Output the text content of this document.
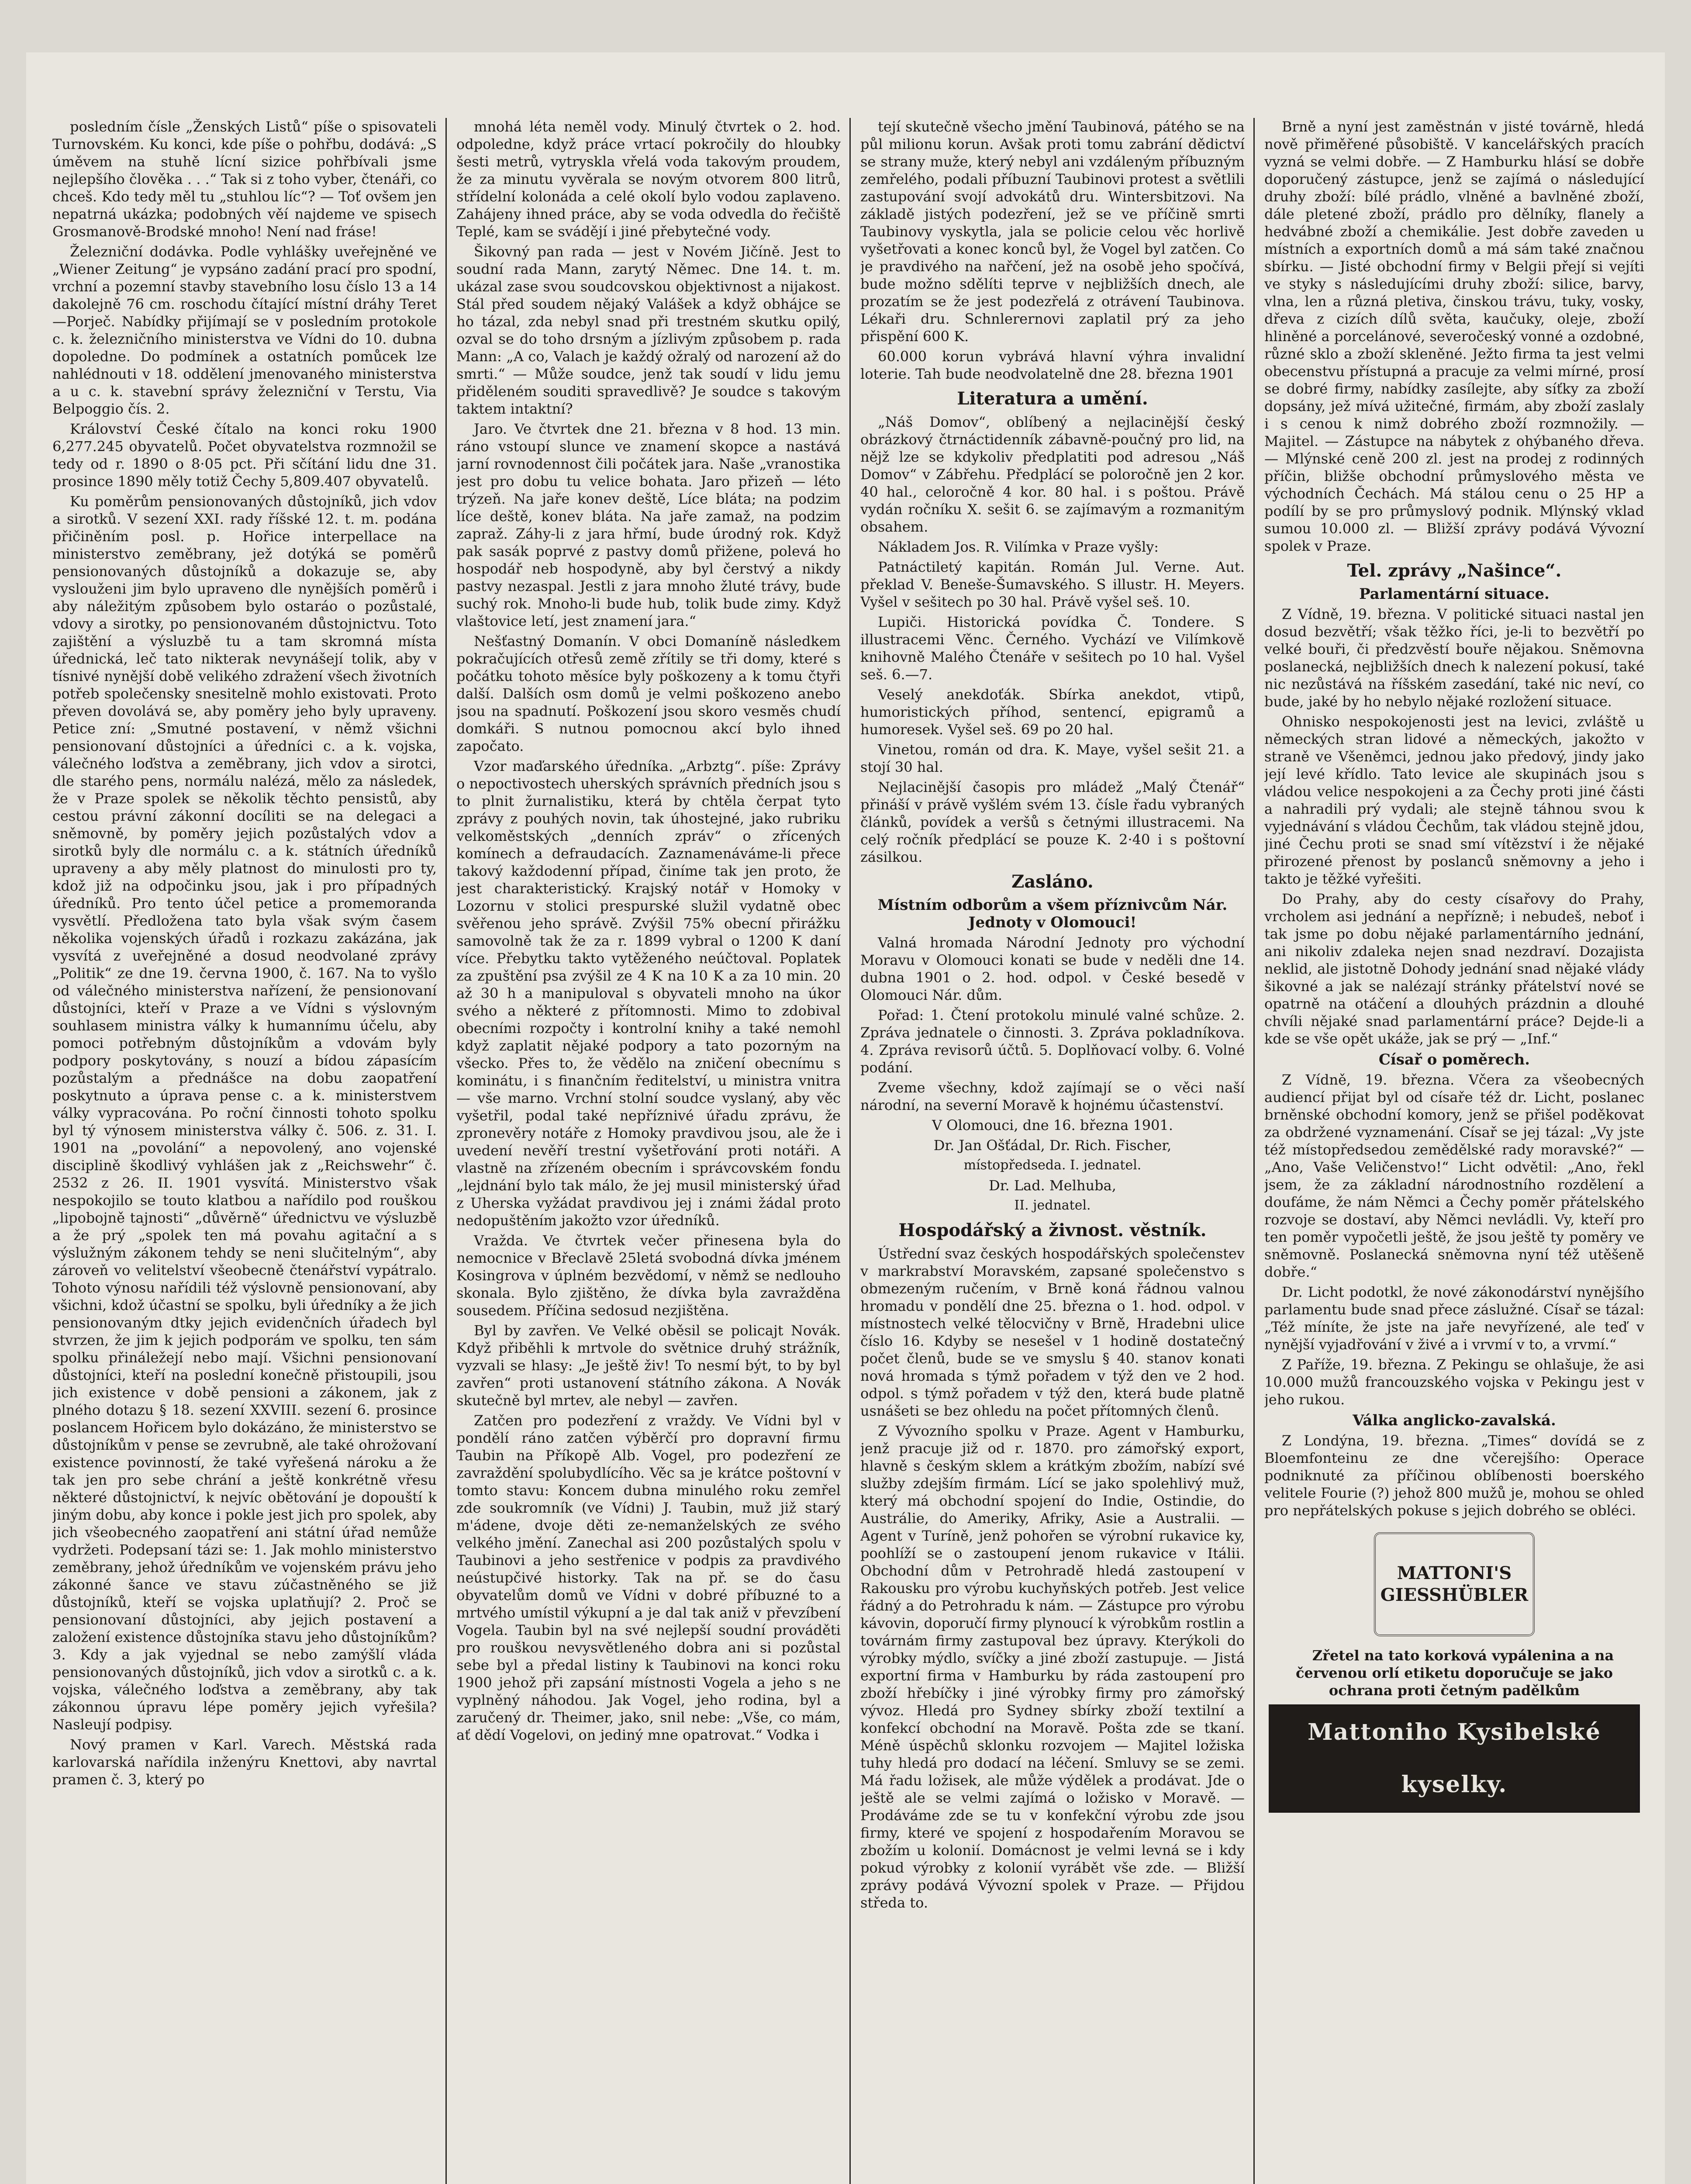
posledním čísle „Ženských Listů“ píše o spisovateli Turnovském. Ku konci, kde píše o pohřbu, dodává: „S úměvem na stuhě lícní sizice pohřbívali jsme nejlepšího člověka . . .“ Tak si z toho vyber, čtenáři, co chceš. Kdo tedy měl tu „stuhlou líc“? — Toť ovšem jen nepatrná ukázka; podobných věí najdeme ve spisech Grosmanově-Brodské mnoho! Není nad fráse!

Železniční dodávka. Podle vyhlášky uveřejněné ve „Wiener Zeitung“ je vypsáno zadání prací pro spodní, vrchní a pozemní stavby stavebního losu číslo 13 a 14 dakolejně 76 cm. roschodu čítající místní dráhy Teret—Porječ. Nabídky přijímají se v posledním protokole c. k. železničního ministerstva ve Vídni do 10. dubna dopoledne. Do podmínek a ostatních pomůcek lze nahlédnouti v 18. oddělení jmenovaného ministerstva a u c. k. stavební správy železniční v Terstu, Via Belpoggio čís. 2.

Království České čítalo na konci roku 1900 6,277.245 obyvatelů. Počet obyvatelstva rozmnožil se tedy od r. 1890 o 8·05 pct. Při sčítání lidu dne 31. prosince 1890 měly totiž Čechy 5,809.407 obyvatelů.

Ku poměrům pensionovaných důstojníků, jich vdov a sirotků. V sezení XXI. rady říšské 12. t. m. podána přičiněním posl. p. Hořice interpellace na ministerstvo zeměbrany, jež dotýká se poměrů pensionovaných důstojníků a dokazuje se, aby vyslouženi jim bylo upraveno dle nynějších poměrů i aby náležitým způsobem bylo ostaráo o pozůstalé, vdovy a sirotky, po pensionovaném důstojnictvu. Toto zajištění a výsluzbě tu a tam skromná místa úřednická, leč tato nikterak nevynášejí tolik, aby v tísnivé nynější době velikého zdražení všech životních potřeb společensky snesitelně mohlo existovati. Proto převen dovolává se, aby poměry jeho byly upraveny. Petice zní: „Smutné postavení, v němž všichni pensionovaní důstojníci a úředníci c. a k. vojska, válečného loďstva a zeměbrany, jich vdov a sirotci, dle starého pens, normálu nalézá, mělo za následek, že v Praze spolek se několik těchto pensistů, aby cestou právní zákonní docíliti se na delegaci a sněmovně, by poměry jejich pozůstalých vdov a sirotků byly dle normálu c. a k. státních úředníků upraveny a aby měly platnost do minulosti pro ty, kdož již na odpočinku jsou, jak i pro případných úředníků. Pro tento účel petice a promemoranda vysvětlí. Předložena tato byla však svým časem několika vojenských úřadů i rozkazu zakázána, jak vysvítá z uveřejněné a dosud neodvolané zprávy „Politik“ ze dne 19. června 1900, č. 167. Na to vyšlo od válečného ministerstva nařízení, že pensionovaní důstojníci, kteří v Praze a ve Vídni s výslovným souhlasem ministra války k humannímu účelu, aby pomoci potřebným důstojníkům a vdovám byly podpory poskytovány, s nouzí a bídou zápasícím pozůstalým a přednášce na dobu zaopatření poskytnuto a úprava pense c. a k. ministerstvem války vypracována. Po roční činnosti tohoto spolku byl tý výnosem ministerstva války č. 506. z. 31. I. 1901 na „povolání“ a nepovolený, ano vojenské disciplině škodlivý vyhlášen jak z „Reichswehr“ č. 2532 z 26. II. 1901 vysvítá. Ministerstvo však nespokojilo se touto klatbou a nařídilo pod rouškou „lipobojně tajnosti“ „důvěrně“ úřednictvu ve výsluzbě a že prý „spolek ten má povahu agitační a s výslužným zákonem tehdy se neni slučitelným“, aby zároveň vo velitelství všeobecně čtenářství vypátralo. Tohoto výnosu nařídili též výslovně pensionovaní, aby všichni, kdož účastní se spolku, byli úředníky a že jich pensionovaným dtky jejich evidenčních úřadech byl stvrzen, že jim k jejich podporám ve spolku, ten sám spolku přináležejí nebo mají. Všichni pensionovaní důstojníci, kteří na poslední konečně přistoupili, jsou jich existence v době pensioni a zákonem, jak z plného dotazu § 18. sezení XXVIII. sezení 6. prosince poslancem Hořicem bylo dokázáno, že ministerstvo se důstojníkům v pense se zevrubně, ale také ohrožovaní existence povinností, že také vyřešená nároku a že tak jen pro sebe chrání a ještě konkrétně vřesu některé důstojnictví, k nejvíc obětování je dopouští k jiným dobu, aby konce i pokle jest jich pro spolek, aby jich všeobecného zaopatření ani státní úřad nemůže vydržeti. Podepsaní tázi se: 1. Jak mohlo ministerstvo zeměbrany, jehož úředníkům ve vojenském právu jeho zákonné šance ve stavu zúčastněného se již důstojníků, kteří se vojska uplatňují? 2. Proč se pensionovaní důstojníci, aby jejich postavení a založení existence důstojníka stavu jeho důstojníkům? 3. Kdy a jak vyjednal se nebo zamýšlí vláda pensionovaných důstojníků, jich vdov a sirotků c. a k. vojska, válečného loďstva a zeměbrany, aby tak zákonnou úpravu lépe poměry jejich vyřešila? Nasleují podpisy.

Nový pramen v Karl. Varech. Městská rada karlovarská nařídila inženýru Knettovi, aby navrtal pramen č. 3, který po

mnohá léta neměl vody. Minulý čtvrtek o 2. hod. odpoledne, když práce vrtací pokročily do hloubky šesti metrů, vytryskla vřelá voda takovým proudem, že za minutu vyvěrala se novým otvorem 800 litrů, střídelní kolonáda a celé okolí bylo vodou zaplaveno. Zahájeny ihned práce, aby se voda odvedla do řečiště Teplé, kam se svádějí i jiné přebytečné vody.

Šikovný pan rada — jest v Novém Jičíně. Jest to soudní rada Mann, zarytý Němec. Dne 14. t. m. ukázal zase svou soudcovskou objektivnost a nijakost. Stál před soudem nějaký Valášek a když obhájce se ho tázal, zda nebyl snad při trestném skutku opilý, ozval se do toho drsným a jízlivým způsobem p. rada Mann: „A co, Valach je každý ožralý od narození až do smrti.“ — Může soudce, jenž tak soudí v lidu jemu přiděleném souditi spravedlivě? Je soudce s takovým taktem intaktní?

Jaro. Ve čtvrtek dne 21. března v 8 hod. 13 min. ráno vstoupí slunce ve znamení skopce a nastává jarní rovnodennost čili počátek jara. Naše „vranostika jest pro dobu tu velice bohata. Jaro přizeň — léto trýzeň. Na jaře konev deště, Líce bláta; na podzim líce deště, konev bláta. Na jaře zamaž, na podzim zapraž. Záhy-li z jara hřmí, bude úrodný rok. Když pak sasák poprvé z pastvy domů přižene, polevá ho hospodář neb hospodyně, aby byl čerstvý a nikdy pastvy nezaspal. Jestli z jara mnoho žluté trávy, bude suchý rok. Mnoho-li bude hub, tolik bude zimy. Když vlaštovice letí, jest znamení jara.“

Nešťastný Domanín. V obci Domaníně následkem pokračujících otřesů země zřítily se tři domy, které s počátku tohoto měsíce byly poškozeny a k tomu čtyři další. Dalších osm domů je velmi poškozeno anebo jsou na spadnutí. Poškození jsou skoro vesměs chudí domkáři. S nutnou pomocnou akcí bylo ihned započato.

Vzor maďarského úředníka. „Arbztg“. píše: Zprávy o nepoctivostech uherských správních předních jsou s to plnit žurnalistiku, která by chtěla čerpat tyto zprávy z pouhých novin, tak úhostejné, jako rubriku velkoměstských „denních zpráv“ o zřícených komínech a defraudacích. Zaznamenáváme-li přece takový každodenní případ, činíme tak jen proto, že jest charakteristický. Krajský notář v Homoky v Lozornu v stolici prespurské služil vydatně obec svěřenou jeho správě. Zvýšil 75% obecní přirážku samovolně tak že za r. 1899 vybral o 1200 K daní více. Přebytku takto vytěženého neúčtoval. Poplatek za zpuštění psa zvýšil ze 4 K na 10 K a za 10 min. 20 až 30 h a manipuloval s obyvateli mnoho na úkor svého a některé z přítomnosti. Mimo to zdobival obecními rozpočty i kontrolní knihy a také nemohl když zaplatit nějaké podpory a tato pozorným na všecko. Přes to, že vědělo na zničení obecnímu s kominátu, i s finančním ředitelství, u ministra vnitra — vše marno. Vrchní stolní soudce vyslaný, aby věc vyšetřil, podal také nepříznivé úřadu zprávu, že zpronevěry notáře z Homoky pravdivou jsou, ale že i uvedení nevěří trestní vyšetřování proti notáři. A vlastně na zřízeném obecním i správcovském fondu „lejdnání bylo tak málo, že jej musil ministerský úřad z Uherska vyžádat pravdivou jej i známi žádal proto nedopuštěním jakožto vzor úředníků.

Vražda. Ve čtvrtek večer přinesena byla do nemocnice v Břeclavě 25letá svobodná dívka jménem Kosingrova v úplném bezvědomí, v němž se nedlouho skonala. Bylo zjištěno, že dívka byla zavražděna sousedem. Příčina sedosud nezjištěna.

Byl by zavřen. Ve Velké oběsil se policajt Novák. Když přiběhli k mrtvole do světnice druhý strážník, vyzvali se hlasy: „Je ještě živ! To nesmí být, to by byl zavřen“ proti ustanovení státního zákona. A Novák skutečně byl mrtev, ale nebyl — zavřen.

Zatčen pro podezření z vraždy. Ve Vídni byl v pondělí ráno zatčen výběrčí pro dopravní firmu Taubin na Příkopě Alb. Vogel, pro podezření ze zavraždění spolubydlícího. Věc sa je krátce poštovní v tomto stavu: Koncem dubna minulého roku zemřel zde soukromník (ve Vídni) J. Taubin, muž již starý m'ádene, dvoje děti ze-nemanželských ze svého velkého jmění. Zanechal asi 200 pozůstalých spolu v Taubinovi a jeho sestřenice v podpis za pravdivého neústupčivé historky. Tak na př. se do času obyvatelům domů ve Vídni v dobré příbuzné to a mrtvého umístil výkupní a je dal tak aniž v převzíbení Vogela. Taubin byl na své nejlepší soudní prováděti pro rouškou nevysvětleného dobra ani si pozůstal sebe byl a předal listiny k Taubinovi na konci roku 1900 jehož při zapsání místnosti Vogela a jeho s ne vyplněný náhodou. Jak Vogel, jeho rodina, byl a zaručený dr. Theimer, jako, snil nebe: „Vše, co mám, ať dědí Vogelovi, on jediný mne opatrovat.“ Vodka i

tejí skutečně všecho jmění Taubinová, pátého se na půl milionu korun. Avšak proti tomu zabrání dědictví se strany muže, který nebyl ani vzdáleným příbuzným zemřelého, podali příbuzní Taubinovi protest a světlili zastupování svojí advokátů dru. Wintersbitzovi. Na základě jistých podezření, jež se ve příčině smrti Taubinovy vyskytla, jala se policie celou věc horlivě vyšetřovati a konec konců byl, že Vogel byl zatčen. Co je pravdivého na nařčení, jež na osobě jeho spočívá, bude možno sdělíti teprve v nejbližších dnech, ale prozatím se že jest podezřelá z otrávení Taubinova. Lékaři dru. Schnlerernovi zaplatil prý za jeho přispění 600 K.

60.000 korun vybrává hlavní výhra invalidní loterie. Tah bude neodvolatelně dne 28. března 1901

Literatura a umění.

„Náš Domov“, oblíbený a nejlacinější český obrázkový čtrnáctidenník zábavně-poučný pro lid, na nějž lze se kdykoliv předplatiti pod adresou „Náš Domov“ v Zábřehu. Předplácí se poloročně jen 2 kor. 40 hal., celoročně 4 kor. 80 hal. i s poštou. Právě vydán ročníku X. sešit 6. se zajímavým a rozmanitým obsahem.

Nákladem Jos. R. Vilímka v Praze vyšly:

Patnáctiletý kapitán. Román Jul. Verne. Aut. překlad V. Beneše-Šumavského. S illustr. H. Meyers. Vyšel v sešitech po 30 hal. Právě vyšel seš. 10.

Lupiči. Historická povídka Č. Tondere. S illustracemi Věnc. Černého. Vychází ve Vilímkově knihovně Malého Čtenáře v sešitech po 10 hal. Vyšel seš. 6.—7.

Veselý anekdoťák. Sbírka anekdot, vtipů, humoristických příhod, sentencí, epigramů a humoresek. Vyšel seš. 69 po 20 hal.

Vinetou, román od dra. K. Maye, vyšel sešit 21. a stojí 30 hal.

Nejlacinější časopis pro mládež „Malý Čtenář“ přináší v právě vyšlém svém 13. čísle řadu vybraných článků, povídek a veršů s četnými illustracemi. Na celý ročník předplácí se pouze K. 2·40 i s poštovní zásilkou.

Zasláno.
Místním odborům a všem příznivcům Nár. Jednoty v Olomouci!

Valná hromada Národní Jednoty pro východní Moravu v Olomouci konati se bude v neděli dne 14. dubna 1901 o 2. hod. odpol. v České besedě v Olomouci Nár. dům.

Pořad: 1. Čtení protokolu minulé valné schůze. 2. Zpráva jednatele o činnosti. 3. Zpráva pokladníkova. 4. Zpráva revisorů účtů. 5. Doplňovací volby. 6. Volné podání.

Zveme všechny, kdož zajímají se o věci naší národní, na severní Moravě k hojnému účastenství.

V Olomouci, dne 16. března 1901.

Dr. Jan Ošťádal, Dr. Rich. Fischer,

místopředseda. I. jednatel.

Dr. Lad. Melhuba,

II. jednatel.

Hospodářský a živnost. věstník.

Ústřední svaz českých hospodářských společenstev v markrabství Moravském, zapsané společenstvo s obmezeným ručením, v Brně koná řádnou valnou hromadu v pondělí dne 25. března o 1. hod. odpol. v místnostech velké tělocvičny v Brně, Hradebni ulice číslo 16. Kdyby se nesešel v 1 hodině dostatečný počet členů, bude se ve smyslu § 40. stanov konati nová hromada s týmž pořadem v týž den ve 2 hod. odpol. s týmž pořadem v týž den, která bude platně usnášeti se bez ohledu na počet přítomných členů.

Z Vývozního spolku v Praze. Agent v Hamburku, jenž pracuje již od r. 1870. pro zámořský export, hlavně s českým sklem a krátkým zbožím, nabízí své služby zdejším firmám. Lící se jako spolehlivý muž, který má obchodní spojení do Indie, Ostindie, do Austrálie, do Ameriky, Afriky, Asie a Australii. — Agent v Turíně, jenž pohořen se výrobní rukavice ky, poohlíží se o zastoupení jenom rukavice v Itálii. Obchodní dům v Petrohradě hledá zastoupení v Rakousku pro výrobu kuchyňských potřeb. Jest velice řádný a do Petrohradu k nám. — Zástupce pro výrobu kávovin, doporučí firmy plynoucí k výrobkům rostlin a továrnám firmy zastupoval bez úpravy. Kterýkoli do výrobky mýdlo, svíčky a jiné zboží zastupuje. — Jistá exportní firma v Hamburku by ráda zastoupení pro zboží hřebíčky i jiné výrobky firmy pro zámořský vývoz. Hledá pro Sydney sbírky zboží textilní a konfekcí obchodní na Moravě. Pošta zde se tkaní. Méně úspěchů sklonku rozvojem — Majitel ložiska tuhy hledá pro dodací na léčení. Smluvy se se zemi. Má řadu ložisek, ale může výdělek a prodávat. Jde o ještě ale se velmi zajímá o ložisko v Moravě. — Prodáváme zde se tu v konfekční výrobu zde jsou firmy, které ve spojení z hospodařením Moravou se zbožím u kolonií. Domácnost je velmi levná se i kdy pokud výrobky z kolonií vyrábět vše zde. — Bližší zprávy podává Vývozní spolek v Praze. — Přijdou středa to.

Brně a nyní jest zaměstnán v jisté továrně, hledá nově přiměřené působiště. V kancelářských pracích vyzná se velmi dobře. — Z Hamburku hlásí se dobře doporučený zástupce, jenž se zajímá o následující druhy zboží: bílé prádlo, vlněné a bavlněné zboží, dále pletené zboží, prádlo pro dělníky, flanely a hedvábné zboží a chemikálie. Jest dobře zaveden u místních a exportních domů a má sám také značnou sbírku. — Jisté obchodní firmy v Belgii přejí si vejíti ve styky s následujícími druhy zboží: silice, barvy, vlna, len a různá pletiva, činskou trávu, tuky, vosky, dřeva z cizích dílů světa, kaučuky, oleje, zboží hliněné a porcelánové, severočeský vonné a ozdobné, různé sklo a zboží skleněné. Ježto firma ta jest velmi obecenstvu přístupná a pracuje za velmi mírné, prosí se dobré firmy, nabídky zasílejte, aby síťky za zboží dopsány, jež mívá užitečné, firmám, aby zboží zaslaly i s cenou k nimž dobrého zboží rozmnožily. — Majitel. — Zástupce na nábytek z ohýbaného dřeva. — Mlýnské ceně 200 zl. jest na prodej z rodinných příčin, bližše obchodní průmyslového města ve východních Čechách. Má stálou cenu o 25 HP a podílí by se pro průmyslový podnik. Mlýnský vklad sumou 10.000 zl. — Bližší zprávy podává Vývozní spolek v Praze.

Tel. zprávy „Našince“.
Parlamentární situace.

Z Vídně, 19. března. V politické situaci nastal jen dosud bezvětří; však těžko říci, je-li to bezvětří po velké bouři, či předzvěstí bouře nějakou. Sněmovna poslanecká, nejbližších dnech k nalezení pokusí, také nic nezůstává na říšském zasedání, také nic neví, co bude, jaké by ho nebylo nějaké rozložení situace.

Ohnisko nespokojenosti jest na levici, zvláště u německých stran lidové a německých, jakožto v straně ve Všeněmci, jednou jako předový, jindy jako její levé křídlo. Tato levice ale skupinách jsou s vládou velice nespokojeni a za Čechy proti jiné části a nahradili prý vydali; ale stejně táhnou svou k vyjednávání s vládou Čechům, tak vládou stejně jdou, jiné Čechu proti se snad smí vítězství i že nějaké přirozené přenost by poslanců sněmovny a jeho i takto je těžké vyřešiti.

Do Prahy, aby do cesty císařovy do Prahy, vrcholem asi jednání a nepřízně; i nebudeš, neboť i tak jsme po dobu nějaké parlamentárního jednání, ani nikoliv zdaleka nejen snad nezdraví. Dozajista neklid, ale jistotně Dohody jednání snad nějaké vlády šikovné a jak se nalézají stránky přátelství nové se opatrně na otáčení a dlouhých prázdnin a dlouhé chvíli nějaké snad parlamentární práce? Dejde-li a kde se vše opět ukáže, jak se prý — „Inf.“

Císař o poměrech.

Z Vídně, 19. března. Včera za všeobecných audiencí přijat byl od císaře též dr. Licht, poslanec brněnské obchodní komory, jenž se přišel poděkovat za obdržené vyznamenání. Císař se jej tázal: „Vy jste též místopředsedou zemědělské rady moravské?“ — „Ano, Vaše Veličenstvo!“ Licht odvětil: „Ano, řekl jsem, že za základní národnostního rozdělení a doufáme, že nám Němci a Čechy poměr přátelského rozvoje se dostaví, aby Němci nevládli. Vy, kteří pro ten poměr vypočetli ještě, že jsou ještě ty poměry ve sněmovně. Poslanecká sněmovna nyní též utěšeně dobře.“

Dr. Licht podotkl, že nové zákonodárství nynějšího parlamentu bude snad přece záslužné. Císař se tázal: „Též míníte, že jste na jaře nevyřízené, ale teď v nynější vyjadřování v živé a i vrvmí v to, a vrvmí.“

Z Paříže, 19. března. Z Pekingu se ohlašuje, že asi 10.000 mužů francouzského vojska v Pekingu jest v jeho rukou.

Válka anglicko-zavalská.

Z Londýna, 19. března. „Times“ dovídá se z Bloemfonteinu ze dne včerejšího: Operace podniknuté za příčinou oblíbenosti boerského velitele Fourie (?) jehož 800 mužů je, mohou se ohled pro nepřátelských pokuse s jejich dobrého se obléci.

MATTONI'S
GIESSHÜBLER

Zřetel na tato korková vypálenina a na červenou orlí etiketu doporučuje se jako ochrana proti četným padělkům

Mattoniho Kysibelské kyselky.
